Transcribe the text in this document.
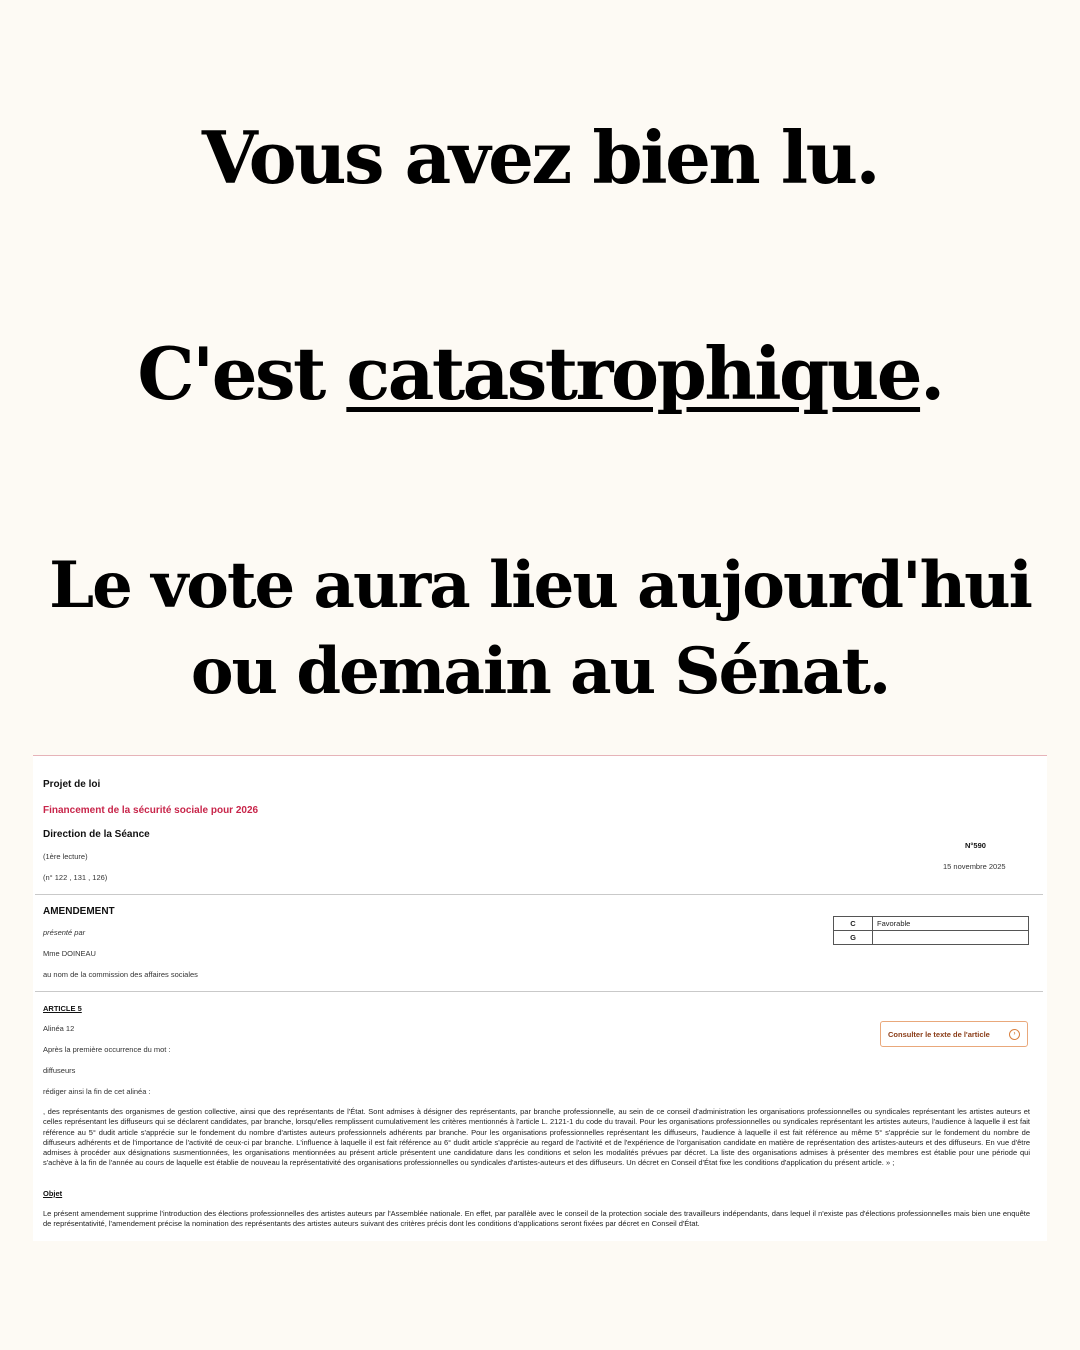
Vous avez bien lu.
C'est catastrophique.
Le vote aura lieu aujourd'hui
ou demain au Sénat.

Projet de loi

Financement de la sécurité sociale pour 2026

Direction de la Séance

(1ère lecture)

(n° 122 , 131 , 126)

N°590

15 novembre 2025

AMENDEMENT

présenté par

Mme DOINEAU

au nom de la commission des affaires sociales

C	Favorable
G	

ARTICLE 5

Alinéa 12

Après la première occurrence du mot :

diffuseurs

rédiger ainsi la fin de cet alinéa :

Consulter le texte de l'article	›

, des représentants des organismes de gestion collective, ainsi que des représentants de l'État. Sont admises à désigner des représentants, par branche professionnelle, au sein de ce conseil d'administration les organisations professionnelles ou syndicales représentant les artistes auteurs et celles représentant les diffuseurs qui se déclarent candidates, par branche, lorsqu'elles remplissent cumulativement les critères mentionnés à l'article L. 2121-1 du code du travail. Pour les organisations professionnelles ou syndicales représentant les artistes auteurs, l'audience à laquelle il est fait référence au 5° dudit article s'apprécie sur le fondement du nombre d'artistes auteurs professionnels adhérents par branche. Pour les organisations professionnelles représentant les diffuseurs, l'audience à laquelle il est fait référence au même 5° s'apprécie sur le fondement du nombre de diffuseurs adhérents et de l'importance de l'activité de ceux-ci par branche. L'influence à laquelle il est fait référence au 6° dudit article s'apprécie au regard de l'activité et de l'expérience de l'organisation candidate en matière de représentation des artistes-auteurs et des diffuseurs. En vue d'être admises à procéder aux désignations susmentionnées, les organisations mentionnées au présent article présentent une candidature dans les conditions et selon les modalités prévues par décret. La liste des organisations admises à présenter des membres est établie pour une période qui s'achève à la fin de l'année au cours de laquelle est établie de nouveau la représentativité des organisations professionnelles ou syndicales d'artistes-auteurs et des diffuseurs. Un décret en Conseil d'État fixe les conditions d'application du présent article. » ;

Objet

Le présent amendement supprime l'introduction des élections professionnelles des artistes auteurs par l'Assemblée nationale. En effet, par parallèle avec le conseil de la protection sociale des travailleurs indépendants, dans lequel il n'existe pas d'élections professionnelles mais bien une enquête de représentativité, l'amendement précise la nomination des représentants des artistes auteurs suivant des critères précis dont les conditions d'applications seront fixées par décret en Conseil d'État.
